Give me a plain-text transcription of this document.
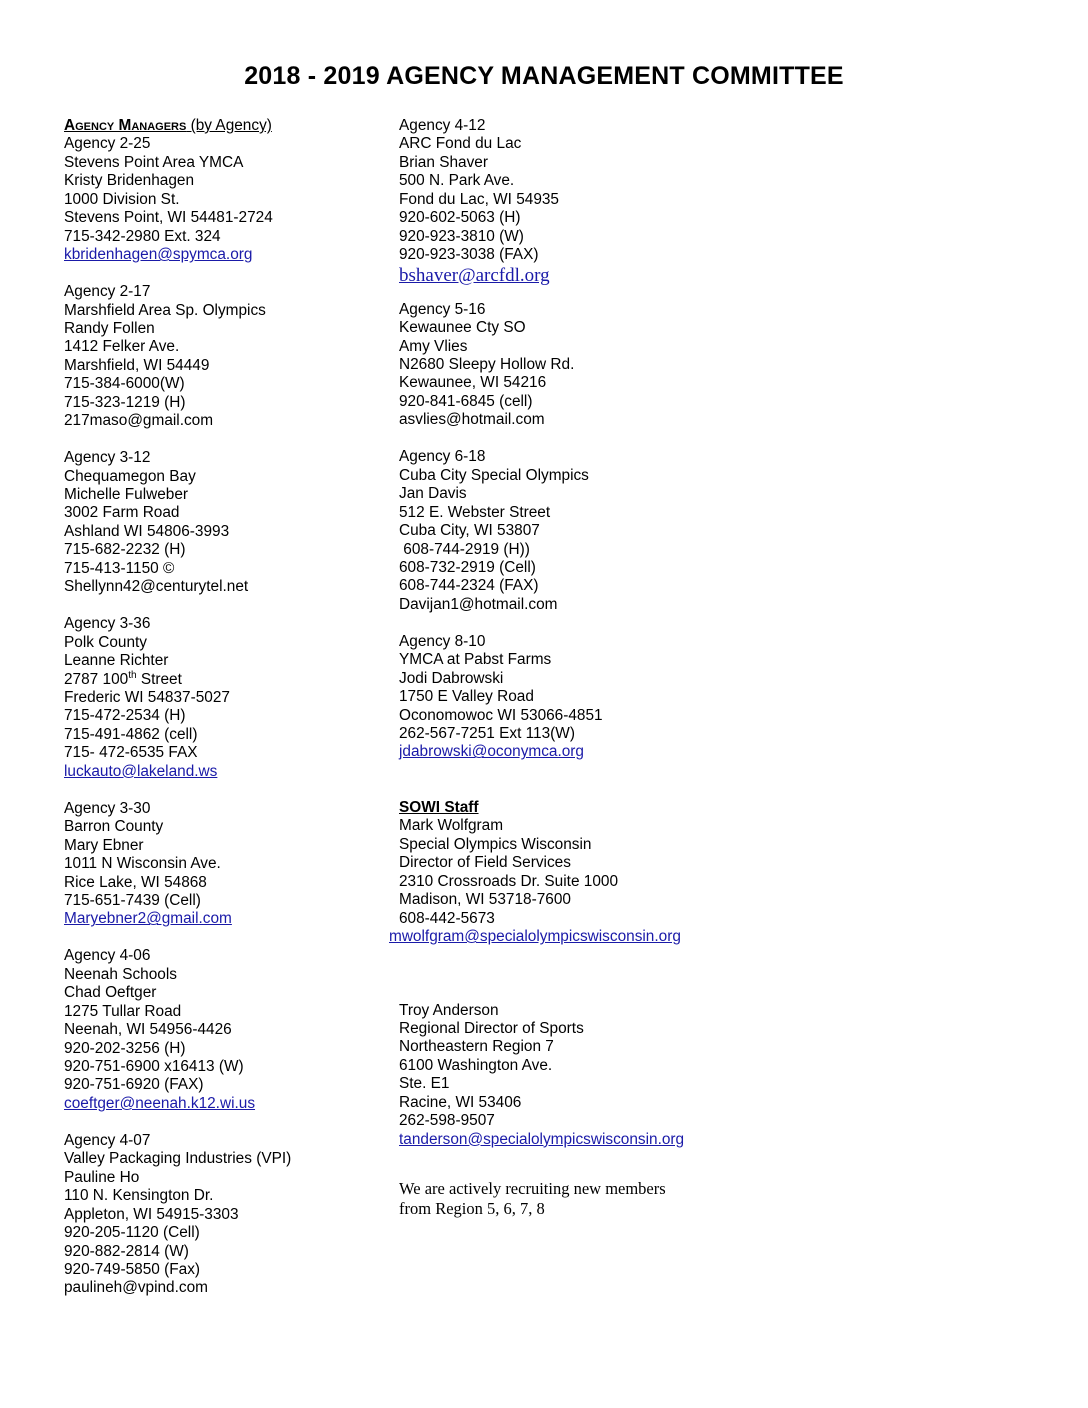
2018 - 2019 AGENCY MANAGEMENT COMMITTEE
Agency Managers (by Agency)
Agency 2-25
Stevens Point Area YMCA
Kristy Bridenhagen
1000 Division St.
Stevens Point, WI 54481-2724
715-342-2980 Ext. 324
kbridenhagen@spymca.org
Agency 2-17
Marshfield Area Sp. Olympics
Randy Follen
1412 Felker Ave.
Marshfield, WI 54449
715-384-6000(W)
715-323-1219 (H)
217maso@gmail.com
Agency 3-12
Chequamegon Bay
Michelle Fulweber
3002 Farm Road
Ashland WI 54806-3993
715-682-2232 (H)
715-413-1150 ©
Shellynn42@centurytel.net
Agency 3-36
Polk County
Leanne Richter
2787 100th Street
Frederic WI 54837-5027
715-472-2534 (H)
715-491-4862 (cell)
715- 472-6535 FAX
luckauto@lakeland.ws
Agency 3-30
Barron County
Mary Ebner
1011 N Wisconsin Ave.
Rice Lake, WI 54868
715-651-7439 (Cell)
Maryebner2@gmail.com
Agency 4-06
Neenah Schools
Chad Oeftger
1275 Tullar Road
Neenah, WI 54956-4426
920-202-3256 (H)
920-751-6900 x16413 (W)
920-751-6920 (FAX)
coeftger@neenah.k12.wi.us
Agency 4-07
Valley Packaging Industries (VPI)
Pauline Ho
110 N. Kensington Dr.
Appleton, WI 54915-3303
920-205-1120 (Cell)
920-882-2814 (W)
920-749-5850 (Fax)
paulineh@vpind.com
Agency 4-12
ARC Fond du Lac
Brian Shaver
500 N. Park Ave.
Fond du Lac, WI 54935
920-602-5063 (H)
920-923-3810 (W)
920-923-3038 (FAX)
bshaver@arcfdl.org
Agency 5-16
Kewaunee Cty SO
Amy Vlies
N2680 Sleepy Hollow Rd.
Kewaunee, WI 54216
920-841-6845 (cell)
asvlies@hotmail.com
Agency 6-18
Cuba City Special Olympics
Jan Davis
512 E. Webster Street
Cuba City, WI 53807
608-744-2919 (H))
608-732-2919 (Cell)
608-744-2324 (FAX)
Davijan1@hotmail.com
Agency 8-10
YMCA at Pabst Farms
Jodi Dabrowski
1750 E Valley Road
Oconomowoc WI 53066-4851
262-567-7251 Ext 113(W)
jdabrowski@oconymca.org
SOWI Staff
Mark Wolfgram
Special Olympics Wisconsin
Director of Field Services
2310 Crossroads Dr. Suite 1000
Madison, WI 53718-7600
608-442-5673
mwolfgram@specialolympicswisconsin.org
Troy Anderson
Regional Director of Sports
Northeastern Region 7
6100 Washington Ave.
Ste. E1
Racine, WI 53406
262-598-9507
tanderson@specialolympicswisconsin.org
We are actively recruiting new members
from Region 5, 6, 7, 8
